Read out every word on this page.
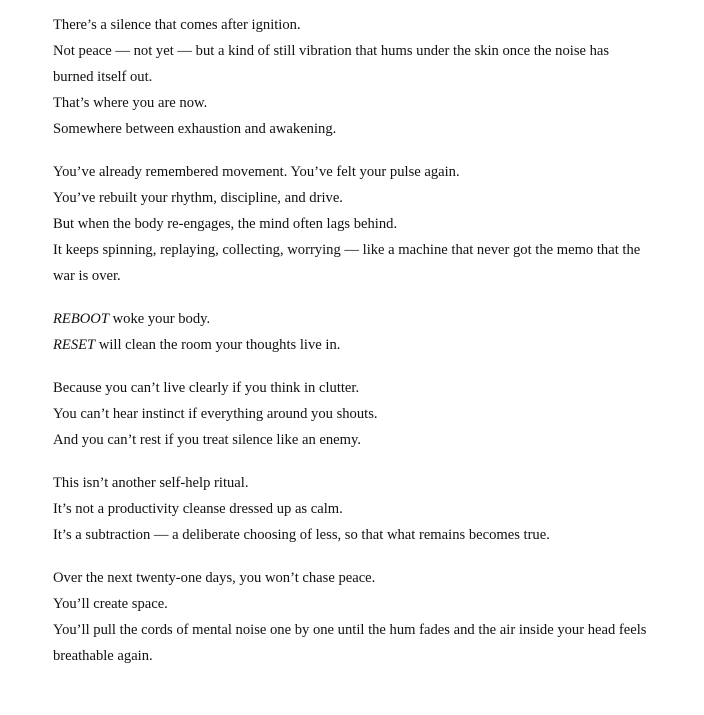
There’s a silence that comes after ignition.
Not peace — not yet — but a kind of still vibration that hums under the skin once the noise has burned itself out.
That’s where you are now.
Somewhere between exhaustion and awakening.

You’ve already remembered movement. You’ve felt your pulse again.
You’ve rebuilt your rhythm, discipline, and drive.
But when the body re-engages, the mind often lags behind.
It keeps spinning, replaying, collecting, worrying — like a machine that never got the memo that the war is over.

REBOOT woke your body.
RESET will clean the room your thoughts live in.

Because you can’t live clearly if you think in clutter.
You can’t hear instinct if everything around you shouts.
And you can’t rest if you treat silence like an enemy.

This isn’t another self-help ritual.
It’s not a productivity cleanse dressed up as calm.
It’s a subtraction — a deliberate choosing of less, so that what remains becomes true.

Over the next twenty-one days, you won’t chase peace.
You’ll create space.
You’ll pull the cords of mental noise one by one until the hum fades and the air inside your head feels breathable again.
